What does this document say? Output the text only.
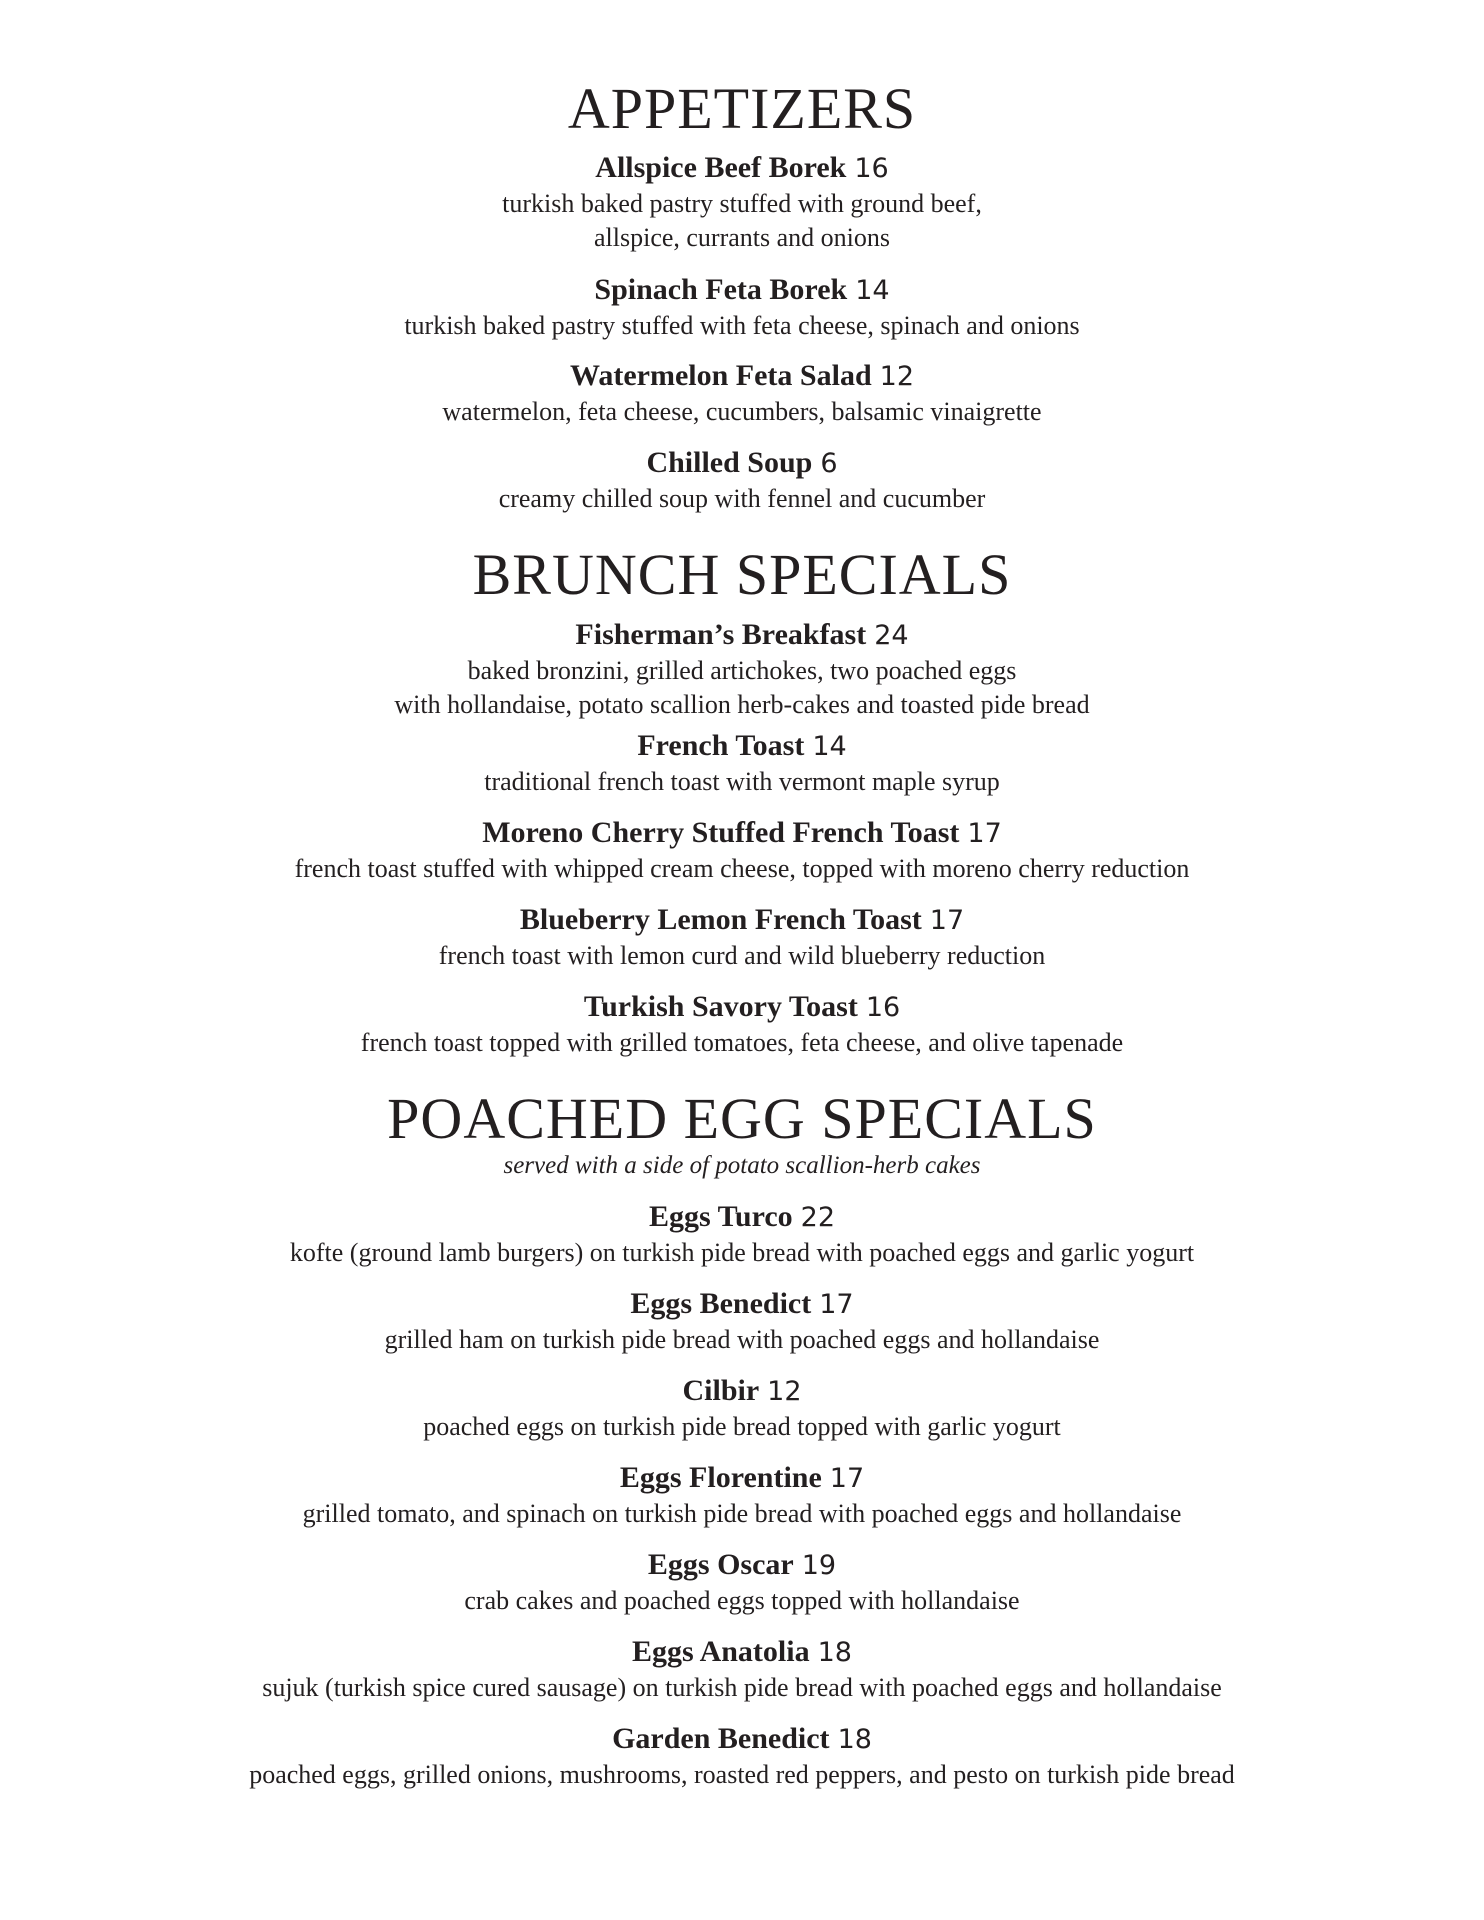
APPETIZERS
Allspice Beef Borek 16
turkish baked pastry stuffed with ground beef,
allspice, currants and onions
Spinach Feta Borek 14
turkish baked pastry stuffed with feta cheese, spinach and onions
Watermelon Feta Salad 12
watermelon, feta cheese, cucumbers, balsamic vinaigrette
Chilled Soup 6
creamy chilled soup with fennel and cucumber
BRUNCH SPECIALS
Fisherman’s Breakfast 24
baked bronzini, grilled artichokes, two poached eggs
with hollandaise, potato scallion herb-cakes and toasted pide bread
French Toast 14
traditional french toast with vermont maple syrup
Moreno Cherry Stuffed French Toast 17
french toast stuffed with whipped cream cheese, topped with moreno cherry reduction
Blueberry Lemon French Toast 17
french toast with lemon curd and wild blueberry reduction
Turkish Savory Toast 16
french toast topped with grilled tomatoes, feta cheese, and olive tapenade
POACHED EGG SPECIALS
served with a side of potato scallion-herb cakes
Eggs Turco 22
kofte (ground lamb burgers) on turkish pide bread with poached eggs and garlic yogurt
Eggs Benedict 17
grilled ham on turkish pide bread with poached eggs and hollandaise
Cilbir 12
poached eggs on turkish pide bread topped with garlic yogurt
Eggs Florentine 17
grilled tomato, and spinach on turkish pide bread with poached eggs and hollandaise
Eggs Oscar 19
crab cakes and poached eggs topped with hollandaise
Eggs Anatolia 18
sujuk (turkish spice cured sausage) on turkish pide bread with poached eggs and hollandaise
Garden Benedict 18
poached eggs, grilled onions, mushrooms, roasted red peppers, and pesto on turkish pide bread
